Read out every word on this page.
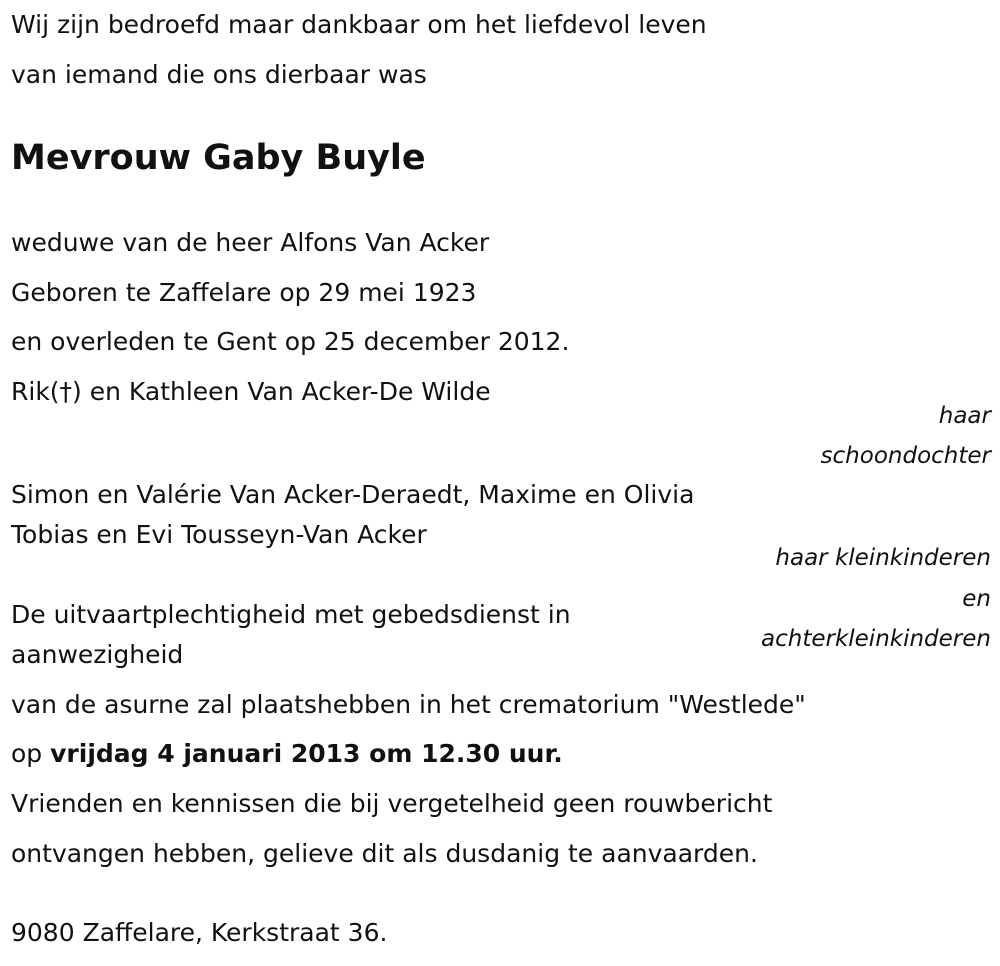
Wij zijn bedroefd maar dankbaar om het liefdevol leven
van iemand die ons dierbaar was
Mevrouw Gaby Buyle
weduwe van de heer Alfons Van Acker
Geboren te Zaffelare op 29 mei 1923
en overleden te Gent op 25 december 2012.
Rik(†) en Kathleen Van Acker-De Wilde
haar
schoondochter
Simon en Valérie Van Acker-Deraedt, Maxime en Olivia
Tobias en Evi Tousseyn-Van Acker
haar kleinkinderen
en
achterkleinkinderen
De uitvaartplechtigheid met gebedsdienst in
aanwezigheid
van de asurne zal plaatshebben in het crematorium "Westlede"
op vrijdag 4 januari 2013 om 12.30 uur.
Vrienden en kennissen die bij vergetelheid geen rouwbericht
ontvangen hebben, gelieve dit als dusdanig te aanvaarden.
9080 Zaffelare, Kerkstraat 36.
